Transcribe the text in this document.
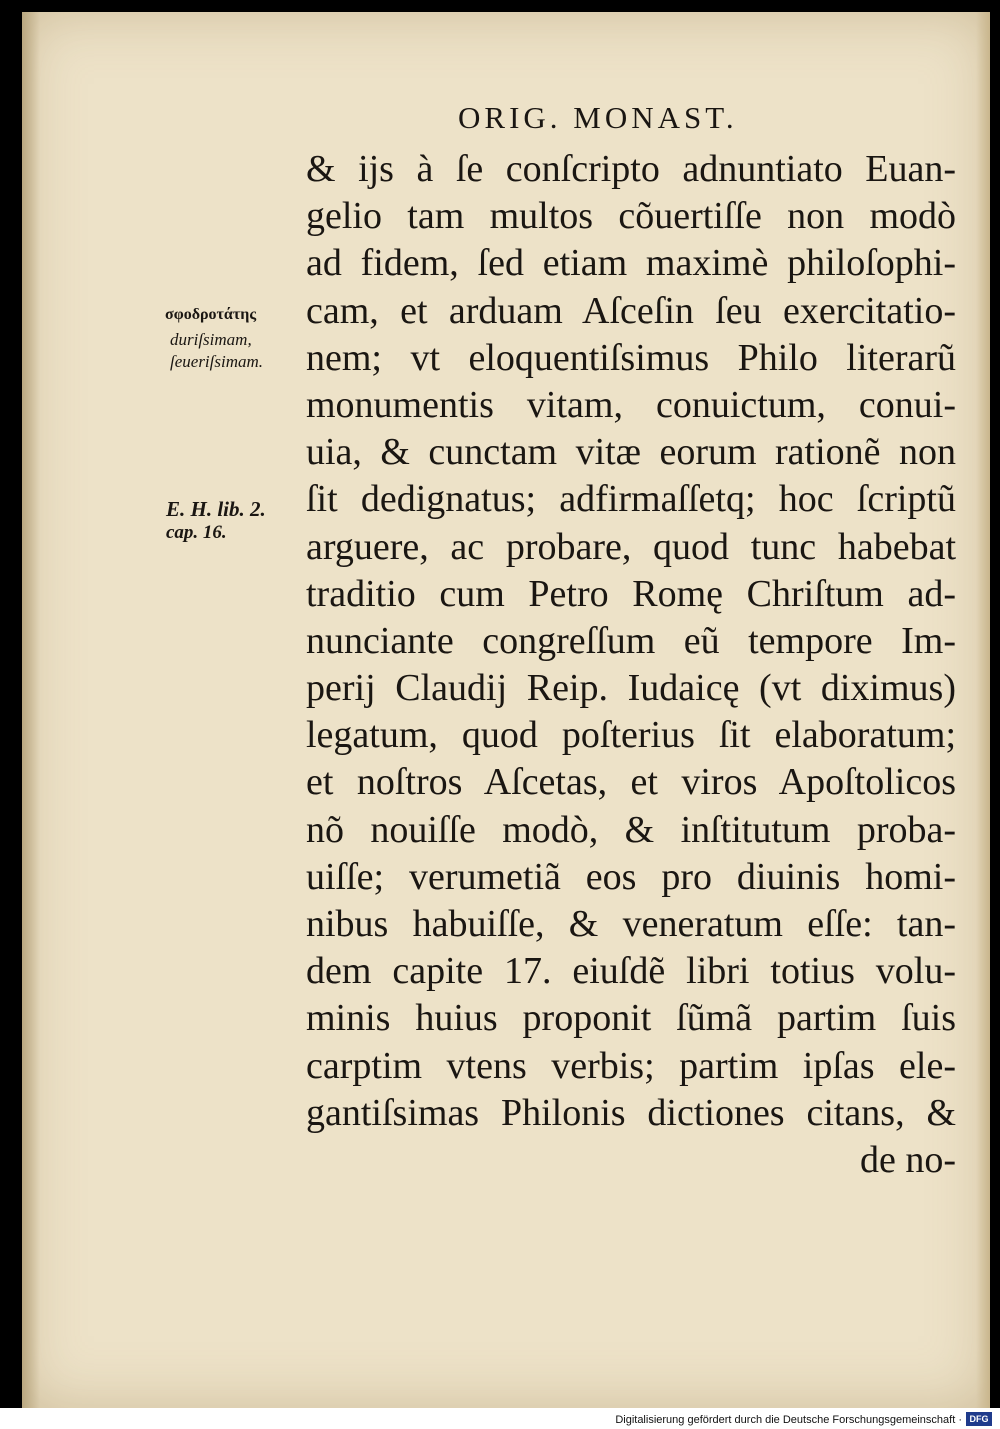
ORIG. MONAST.
σφοδροτάτης
duriſsimam,
ſeueriſsimam.
E. H. lib. 2.
cap. 16.
& ijs à ſe conſcripto adnuntiato Euan-
gelio tam multos cõuertiſſe non modò
ad fidem, ſed etiam maximè philoſophi-
cam, et arduam Aſceſin ſeu exercitatio-
nem; vt eloquentiſsimus Philo literarũ
monumentis vitam, conuictum, conui-
uia, & cunctam vitæ eorum rationẽ non
ſit dedignatus; adfirmaſſetq; hoc ſcriptũ
arguere, ac probare, quod tunc habebat
traditio cum Petro Romę Chriſtum ad-
nunciante congreſſum eũ tempore Im-
perij Claudij Reip. Iudaicę (vt diximus)
legatum, quod poſterius ſit elaboratum;
et noſtros Aſcetas, et viros Apoſtolicos
nõ nouiſſe modò, & inſtitutum proba-
uiſſe; verumetiã eos pro diuinis homi-
nibus habuiſſe, & veneratum eſſe: tan-
dem capite 17. eiuſdẽ libri totius volu-
minis huius proponit ſũmã partim ſuis
carptim vtens verbis; partim ipſas ele-
gantiſsimas Philonis dictiones citans, &
de no-
Digitalisierung gefördert durch die Deutsche Forschungsgemeinschaft · DFG
